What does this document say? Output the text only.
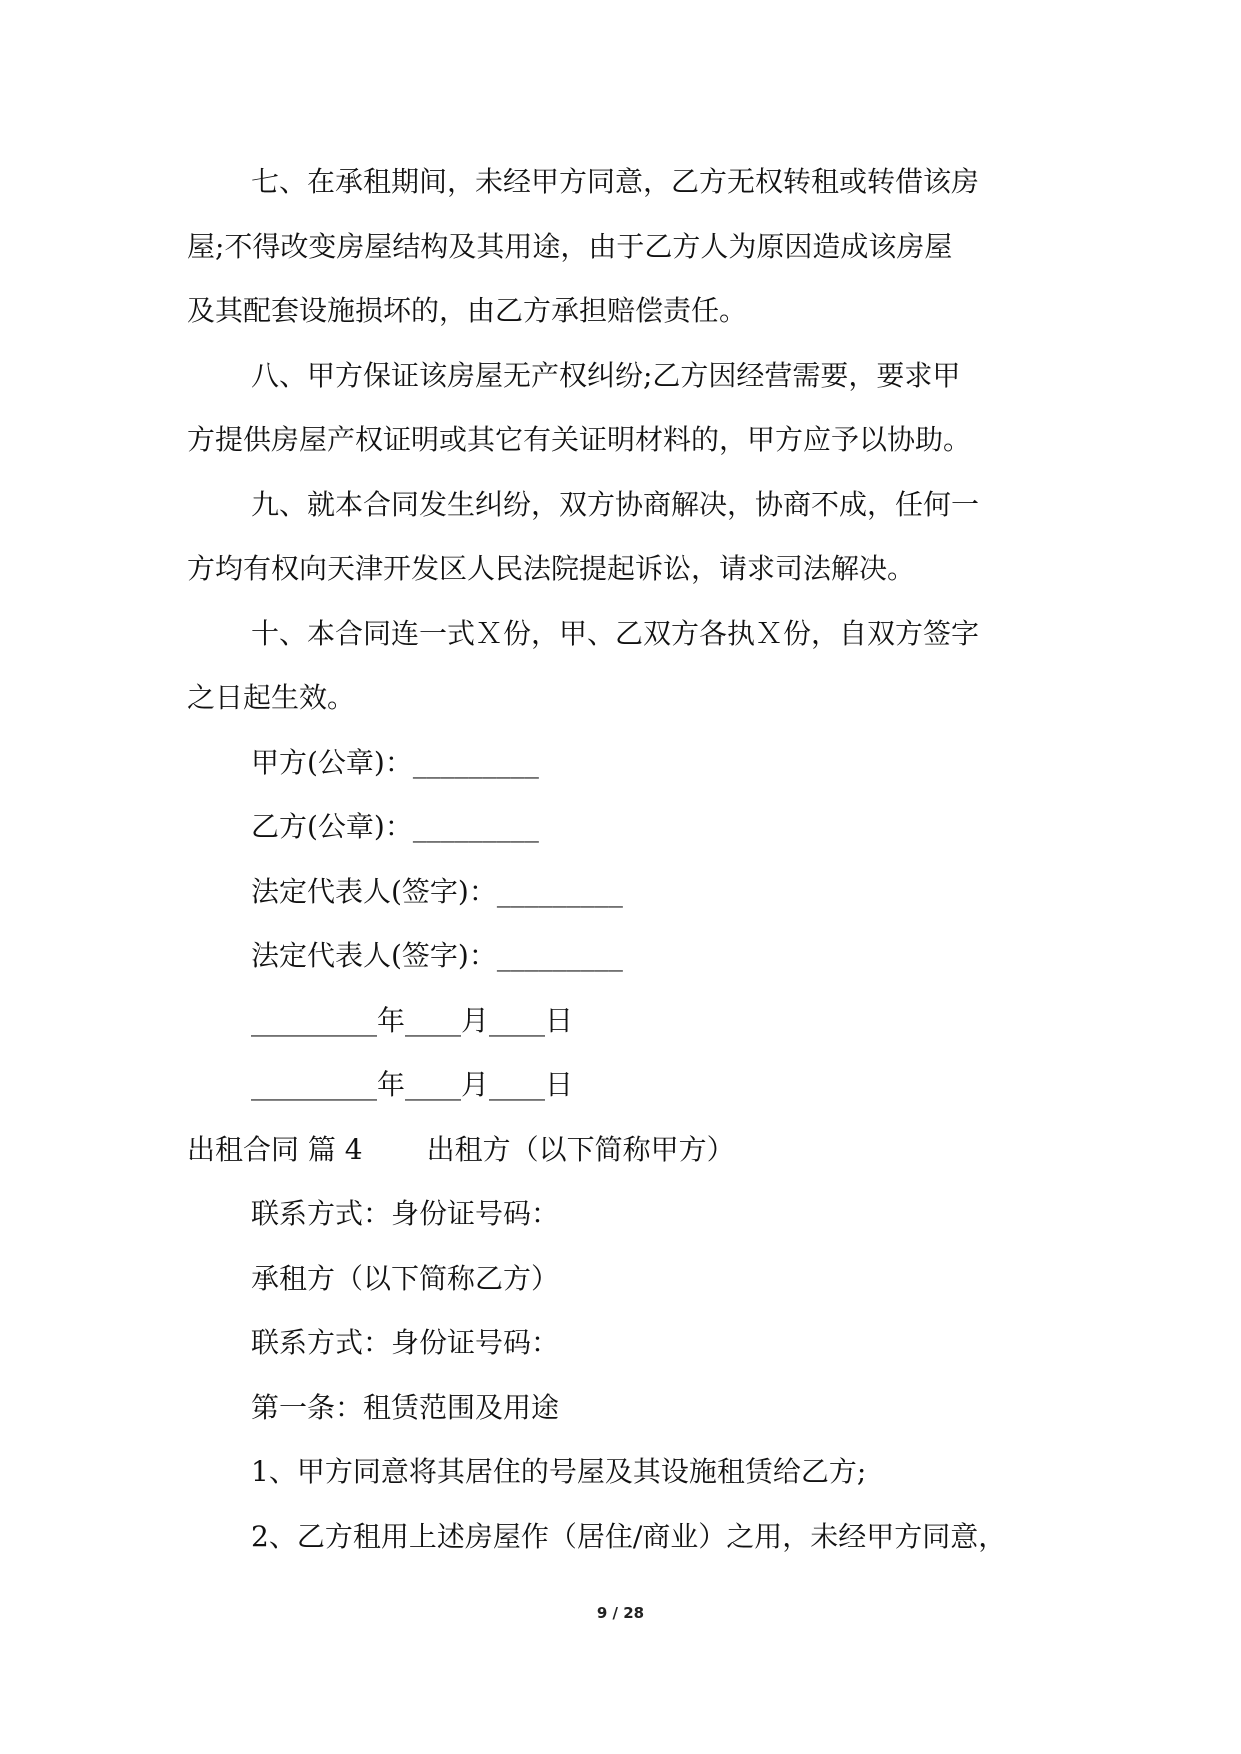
七、在承租期间，未经甲方同意，乙方无权转租或转借该房
屋;不得改变房屋结构及其用途，由于乙方人为原因造成该房屋
及其配套设施损坏的，由乙方承担赔偿责任。
八、甲方保证该房屋无产权纠纷;乙方因经营需要，要求甲
方提供房屋产权证明或其它有关证明材料的，甲方应予以协助。
九、就本合同发生纠纷，双方协商解决，协商不成，任何一
方均有权向天津开发区人民法院提起诉讼，请求司法解决。
十、本合同连一式Ｘ份，甲、乙双方各执Ｘ份，自双方签字
之日起生效。
甲方(公章)：_________
乙方(公章)：_________
法定代表人(签字)：_________
法定代表人(签字)：_________
_________年____月____日
_________年____月____日
出租合同 篇 4 出租方（以下简称甲方）
联系方式：身份证号码：
承租方（以下简称乙方）
联系方式：身份证号码：
第一条：租赁范围及用途
1、甲方同意将其居住的号屋及其设施租赁给乙方;
2、乙方租用上述房屋作（居住/商业）之用，未经甲方同意，
9 / 28
